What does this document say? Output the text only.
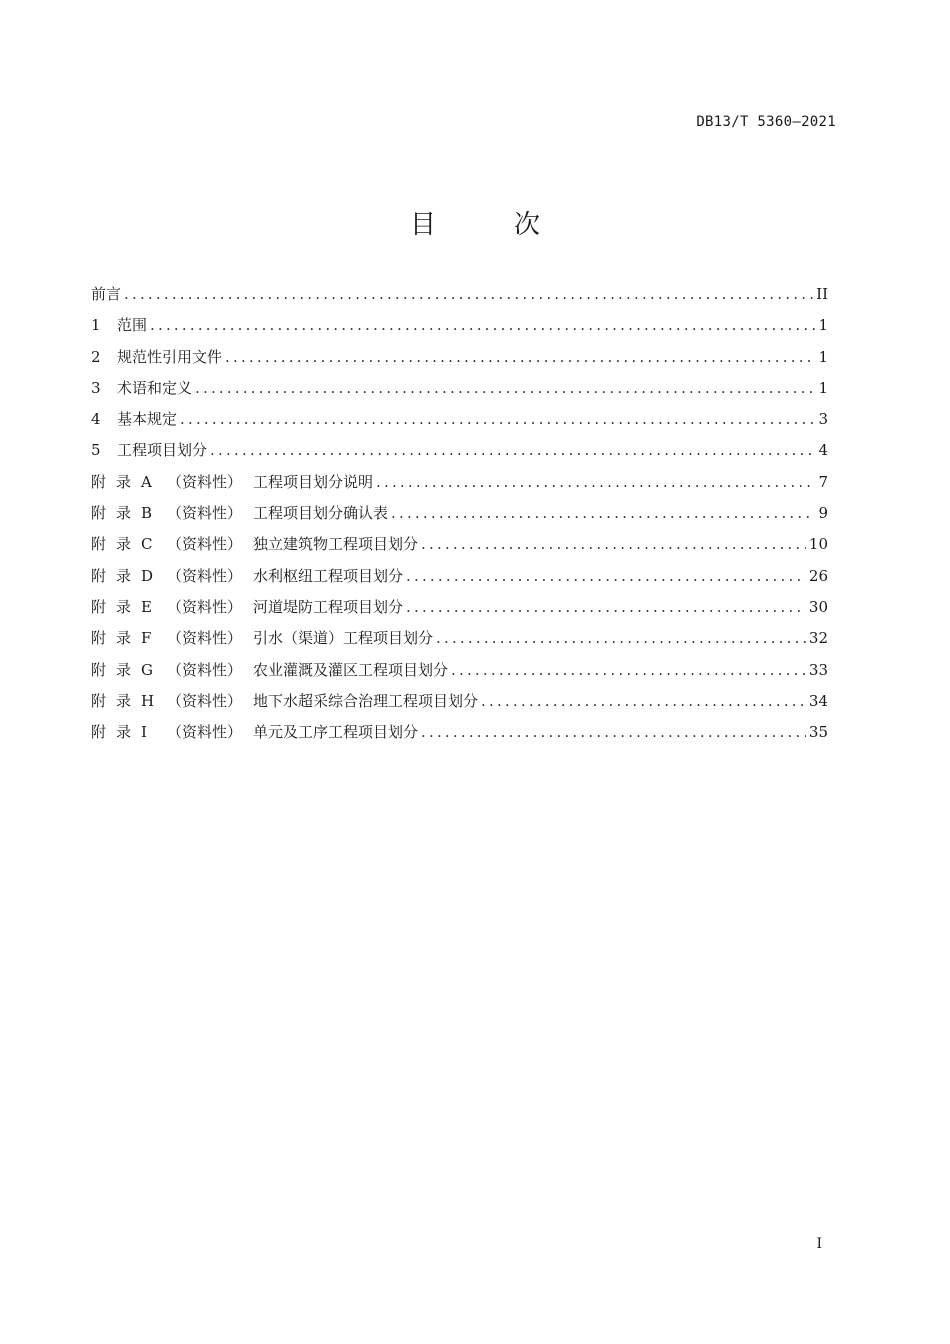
DB13/T 5360—2021
目　次
前言 .....	II
1 范围 .....	1
2 规范性引用文件 .....	1
3 术语和定义 .....	1
4 基本规定 .....	3
5 工程项目划分 .....	4
附录A （资料性） 工程项目划分说明 .....	7
附录B （资料性） 工程项目划分确认表 .....	9
附录C （资料性） 独立建筑物工程项目划分 .....	10
附录D （资料性） 水利枢纽工程项目划分 .....	26
附录E （资料性） 河道堤防工程项目划分 .....	30
附录F （资料性） 引水（渠道）工程项目划分 .....	32
附录G （资料性） 农业灌溉及灌区工程项目划分 .....	33
附录H （资料性） 地下水超采综合治理工程项目划分 .....	34
附录I （资料性） 单元及工序工程项目划分 .....	35
I
